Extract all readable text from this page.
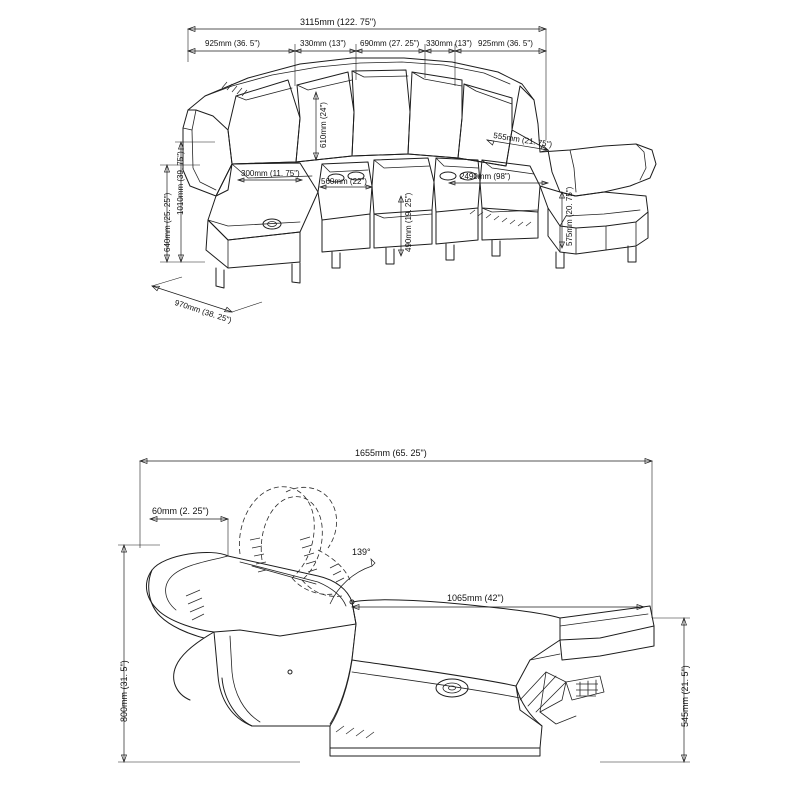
3115mm (122. 75")
925mm (36. 5")	330mm (13") 690mm (27. 25") 330mm (13") 925mm (36. 5")
610mm (24")	555mm (21. 75")
300mm (11. 75")
560mm (22")
2490mm (98")
1010mm (39. 75")
640mm (25. 25")	490mm (19. 25")	575mm (20. 75")
970mm (38. 25")
1655mm (65. 25")
60mm (2. 25")
139°
1065mm (42")
800mm (31. 5")	545mm (21. 5")
